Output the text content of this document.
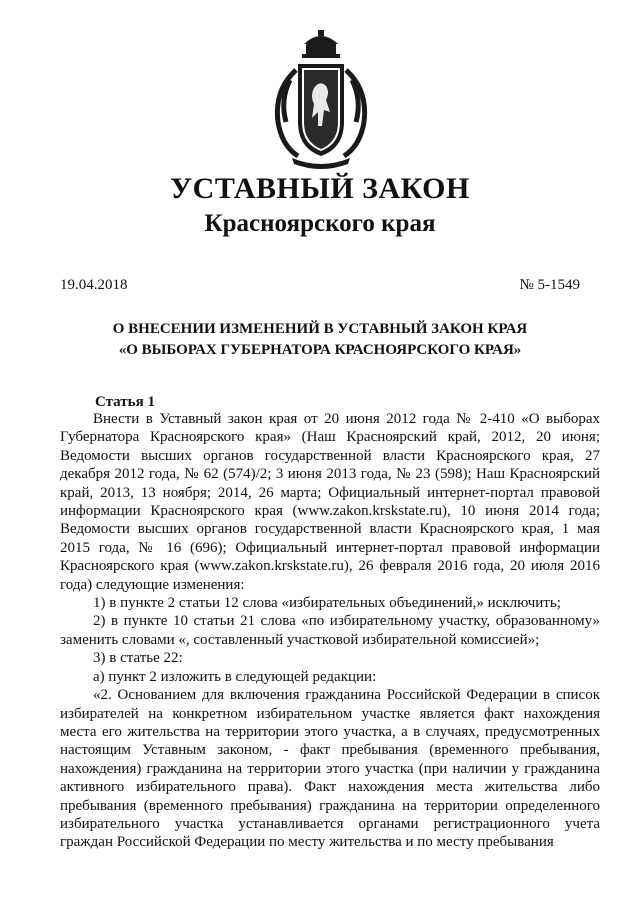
УСТАВНЫЙ ЗАКОН
Красноярского края
19.04.2018	№ 5-1549
О ВНЕСЕНИИ ИЗМЕНЕНИЙ В УСТАВНЫЙ ЗАКОН КРАЯ
«О ВЫБОРАХ ГУБЕРНАТОРА КРАСНОЯРСКОГО КРАЯ»
Статья 1

Внести в Уставный закон края от 20 июня 2012 года № 2-410 «О выборах Губернатора Красноярского края» (Наш Красноярский край, 2012, 20 июня; Ведомости высших органов государственной власти Красноярского края, 27 декабря 2012 года, № 62 (574)/2; 3 июня 2013 года, № 23 (598); Наш Красноярский край, 2013, 13 ноября; 2014, 26 марта; Официальный интернет-портал правовой информации Красноярского края (www.zakon.krskstate.ru), 10 июня 2014 года; Ведомости высших органов государственной власти Красноярского края, 1 мая 2015 года, № 16 (696); Официальный интернет-портал правовой информации Красноярского края (www.zakon.krskstate.ru), 26 февраля 2016 года, 20 июля 2016 года) следующие изменения:

1) в пункте 2 статьи 12 слова «избирательных объединений,» исключить;

2) в пункте 10 статьи 21 слова «по избирательному участку, образованному» заменить словами «, составленный участковой избирательной комиссией»;

3) в статье 22:

а) пункт 2 изложить в следующей редакции:

«2. Основанием для включения гражданина Российской Федерации в список избирателей на конкретном избирательном участке является факт нахождения места его жительства на территории этого участка, а в случаях, предусмотренных настоящим Уставным законом, - факт пребывания (временного пребывания, нахождения) гражданина на территории этого участка (при наличии у гражданина активного избирательного права). Факт нахождения места жительства либо пребывания (временного пребывания) гражданина на территории определенного избирательного участка устанавливается органами регистрационного учета граждан Российской Федерации по месту жительства и по месту пребывания
